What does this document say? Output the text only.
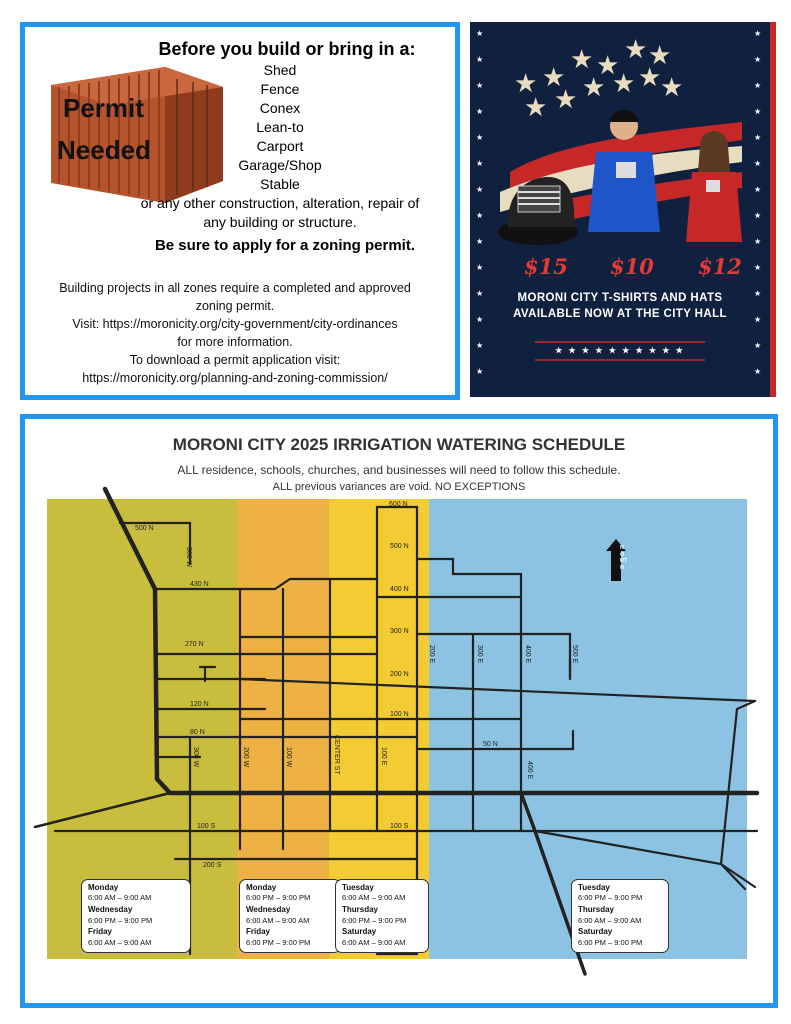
Permit
Needed
Before you build or bring in a:
Shed
Fence
Conex
Lean-to
Carport
Garage/Shop
Stable
or any other construction, alteration, repair of
any building or structure.
Be sure to apply for a zoning permit.
Building projects in all zones require a completed and approved
zoning permit.
Visit: https://moronicity.org/city-government/city-ordinances
for more information.
To download a permit application visit:
https://moronicity.org/planning-and-zoning-commission/
★
★
★
★
★
★
★
★
★
★
★
★
★
★
★
★
★
★
★
★
★
★
★
★
★
★
★
★
★ ★
★ ★
★ ★
★ ★ ★ ★ ★
★
$15 $10 $12
MORONI CITY T-SHIRTS AND HATS
AVAILABLE NOW AT THE CITY HALL
★ ★ ★ ★ ★ ★ ★ ★ ★ ★
MORONI CITY 2025 IRRIGATION WATERING SCHEDULE
ALL residence, schools, churches, and businesses will need to follow this schedule.
ALL previous variances are void. NO EXCEPTIONS
NORTH
600 N
500 N
500 N
430 N
400 N
300 N
270 N
200 N
120 N
100 N
80 N
50 N
100 S	100 S
200 S
300 W
300 W	200 W	100 W	CENTER ST	100 E
200 E	300 E	400 E
400 E
500 E
Monday
6:00 AM – 9:00 AM
Wednesday
6:00 PM – 9:00 PM
Friday
6:00 AM – 9:00 AM
Monday
6:00 PM – 9:00 PM
Wednesday
6:00 AM – 9:00 AM
Friday
6:00 PM – 9:00 PM
Tuesday
6:00 AM – 9:00 AM
Thursday
6:00 PM – 9:00 PM
Saturday
6:00 AM – 9:00 AM
Tuesday
6:00 PM – 9:00 PM
Thursday
6:00 AM – 9:00 AM
Saturday
6:00 PM – 9:00 PM
